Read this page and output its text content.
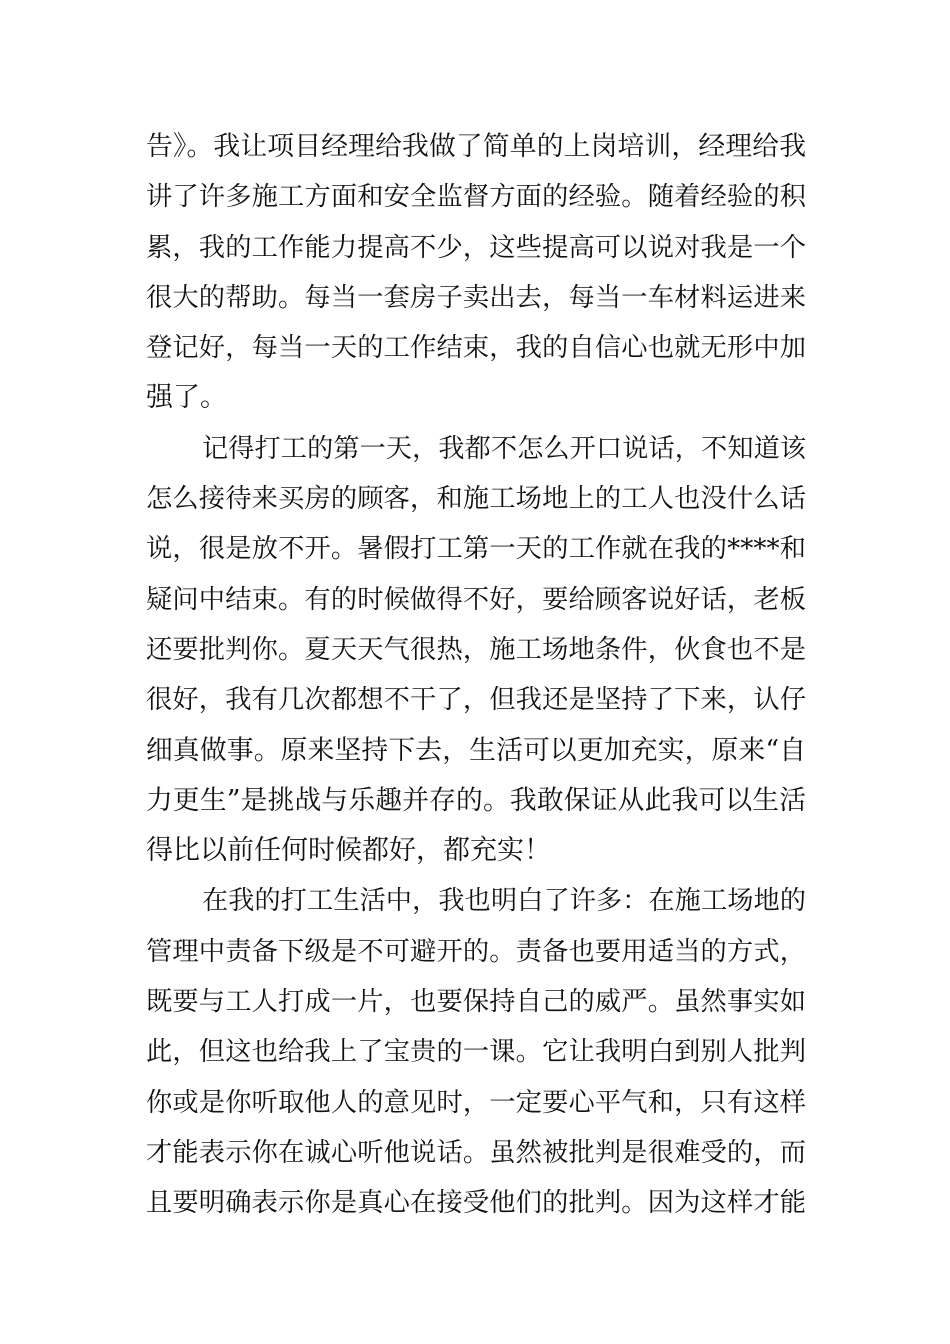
告》。我让项目经理给我做了简单的上岗培训，经理给我
讲了许多施工方面和安全监督方面的经验。随着经验的积
累，我的工作能力提高不少，这些提高可以说对我是一个
很大的帮助。每当一套房子卖出去，每当一车材料运进来
登记好，每当一天的工作结束，我的自信心也就无形中加
强了。
记得打工的第一天，我都不怎么开口说话，不知道该
怎么接待来买房的顾客，和施工场地上的工人也没什么话
说，很是放不开。暑假打工第一天的工作就在我的****和
疑问中结束。有的时候做得不好，要给顾客说好话，老板
还要批判你。夏天天气很热，施工场地条件，伙食也不是
很好，我有几次都想不干了，但我还是坚持了下来，认仔
细真做事。原来坚持下去，生活可以更加充实，原来“自
力更生”是挑战与乐趣并存的。我敢保证从此我可以生活
得比以前任何时候都好，都充实！
在我的打工生活中，我也明白了许多：在施工场地的
管理中责备下级是不可避开的。责备也要用适当的方式，
既要与工人打成一片，也要保持自己的威严。虽然事实如
此，但这也给我上了宝贵的一课。它让我明白到别人批判
你或是你听取他人的意见时，一定要心平气和，只有这样
才能表示你在诚心听他说话。虽然被批判是很难受的，而
且要明确表示你是真心在接受他们的批判。因为这样才能
